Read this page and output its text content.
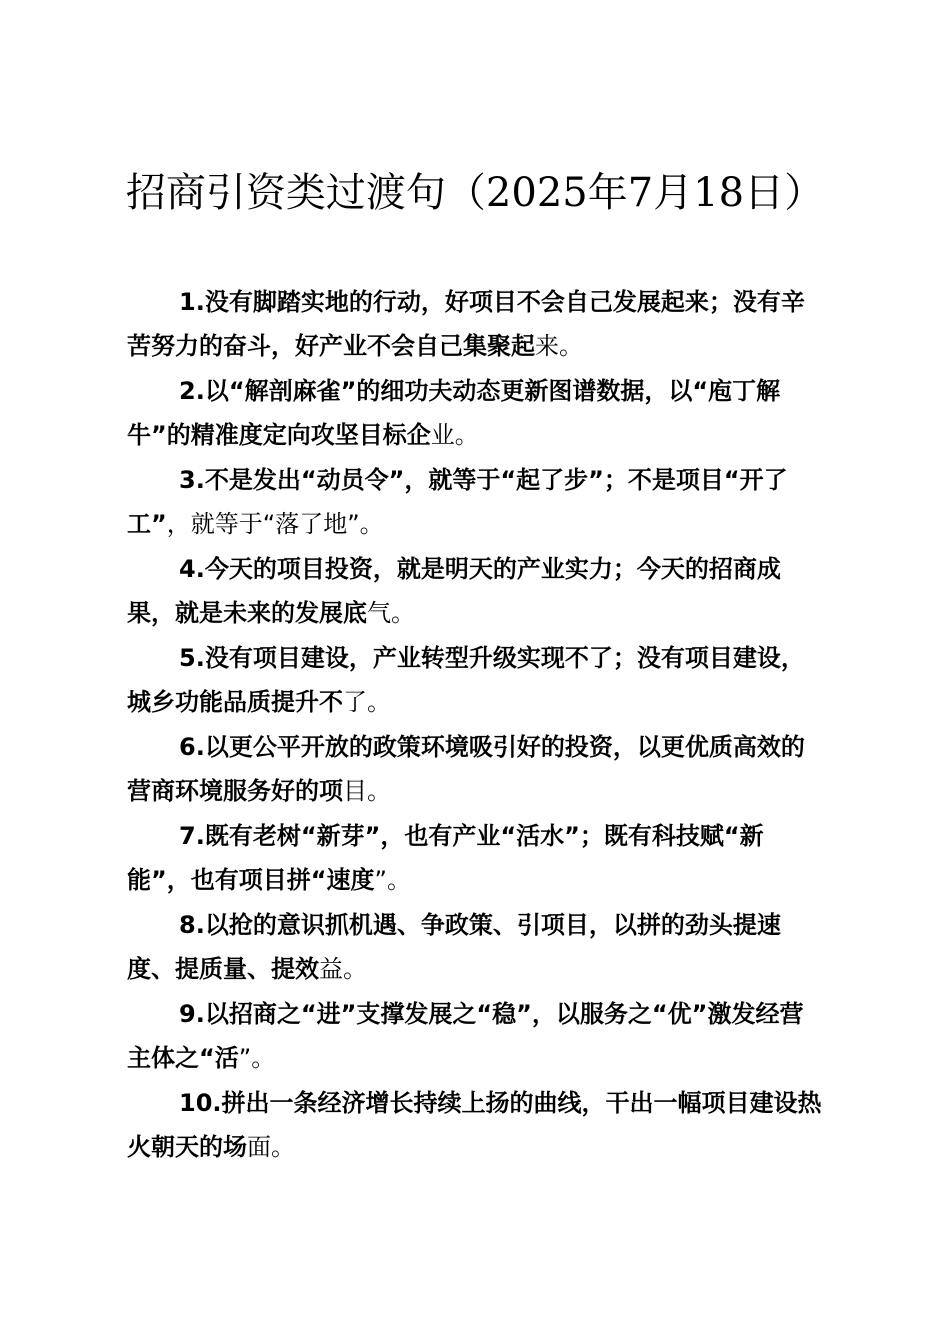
招商引资类过渡句（2025年7月18日）

1.没有脚踏实地的行动，好项目不会自己发展起来；没有辛苦努力的奋斗，好产业不会自己集聚起来。

2.以“解剖麻雀”的细功夫动态更新图谱数据，以“庖丁解牛”的精准度定向攻坚目标企业。

3.不是发出“动员令”，就等于“起了步”；不是项目“开了工”，就等于“落了地”。

4.今天的项目投资，就是明天的产业实力；今天的招商成果，就是未来的发展底气。

5.没有项目建设，产业转型升级实现不了；没有项目建设，城乡功能品质提升不了。

6.以更公平开放的政策环境吸引好的投资，以更优质高效的营商环境服务好的项目。

7.既有老树“新芽”，也有产业“活水”；既有科技赋“新能”，也有项目拼“速度”。

8.以抢的意识抓机遇、争政策、引项目，以拼的劲头提速度、提质量、提效益。

9.以招商之“进”支撑发展之“稳”，以服务之“优”激发经营主体之“活”。

10.拼出一条经济增长持续上扬的曲线，干出一幅项目建设热火朝天的场面。
